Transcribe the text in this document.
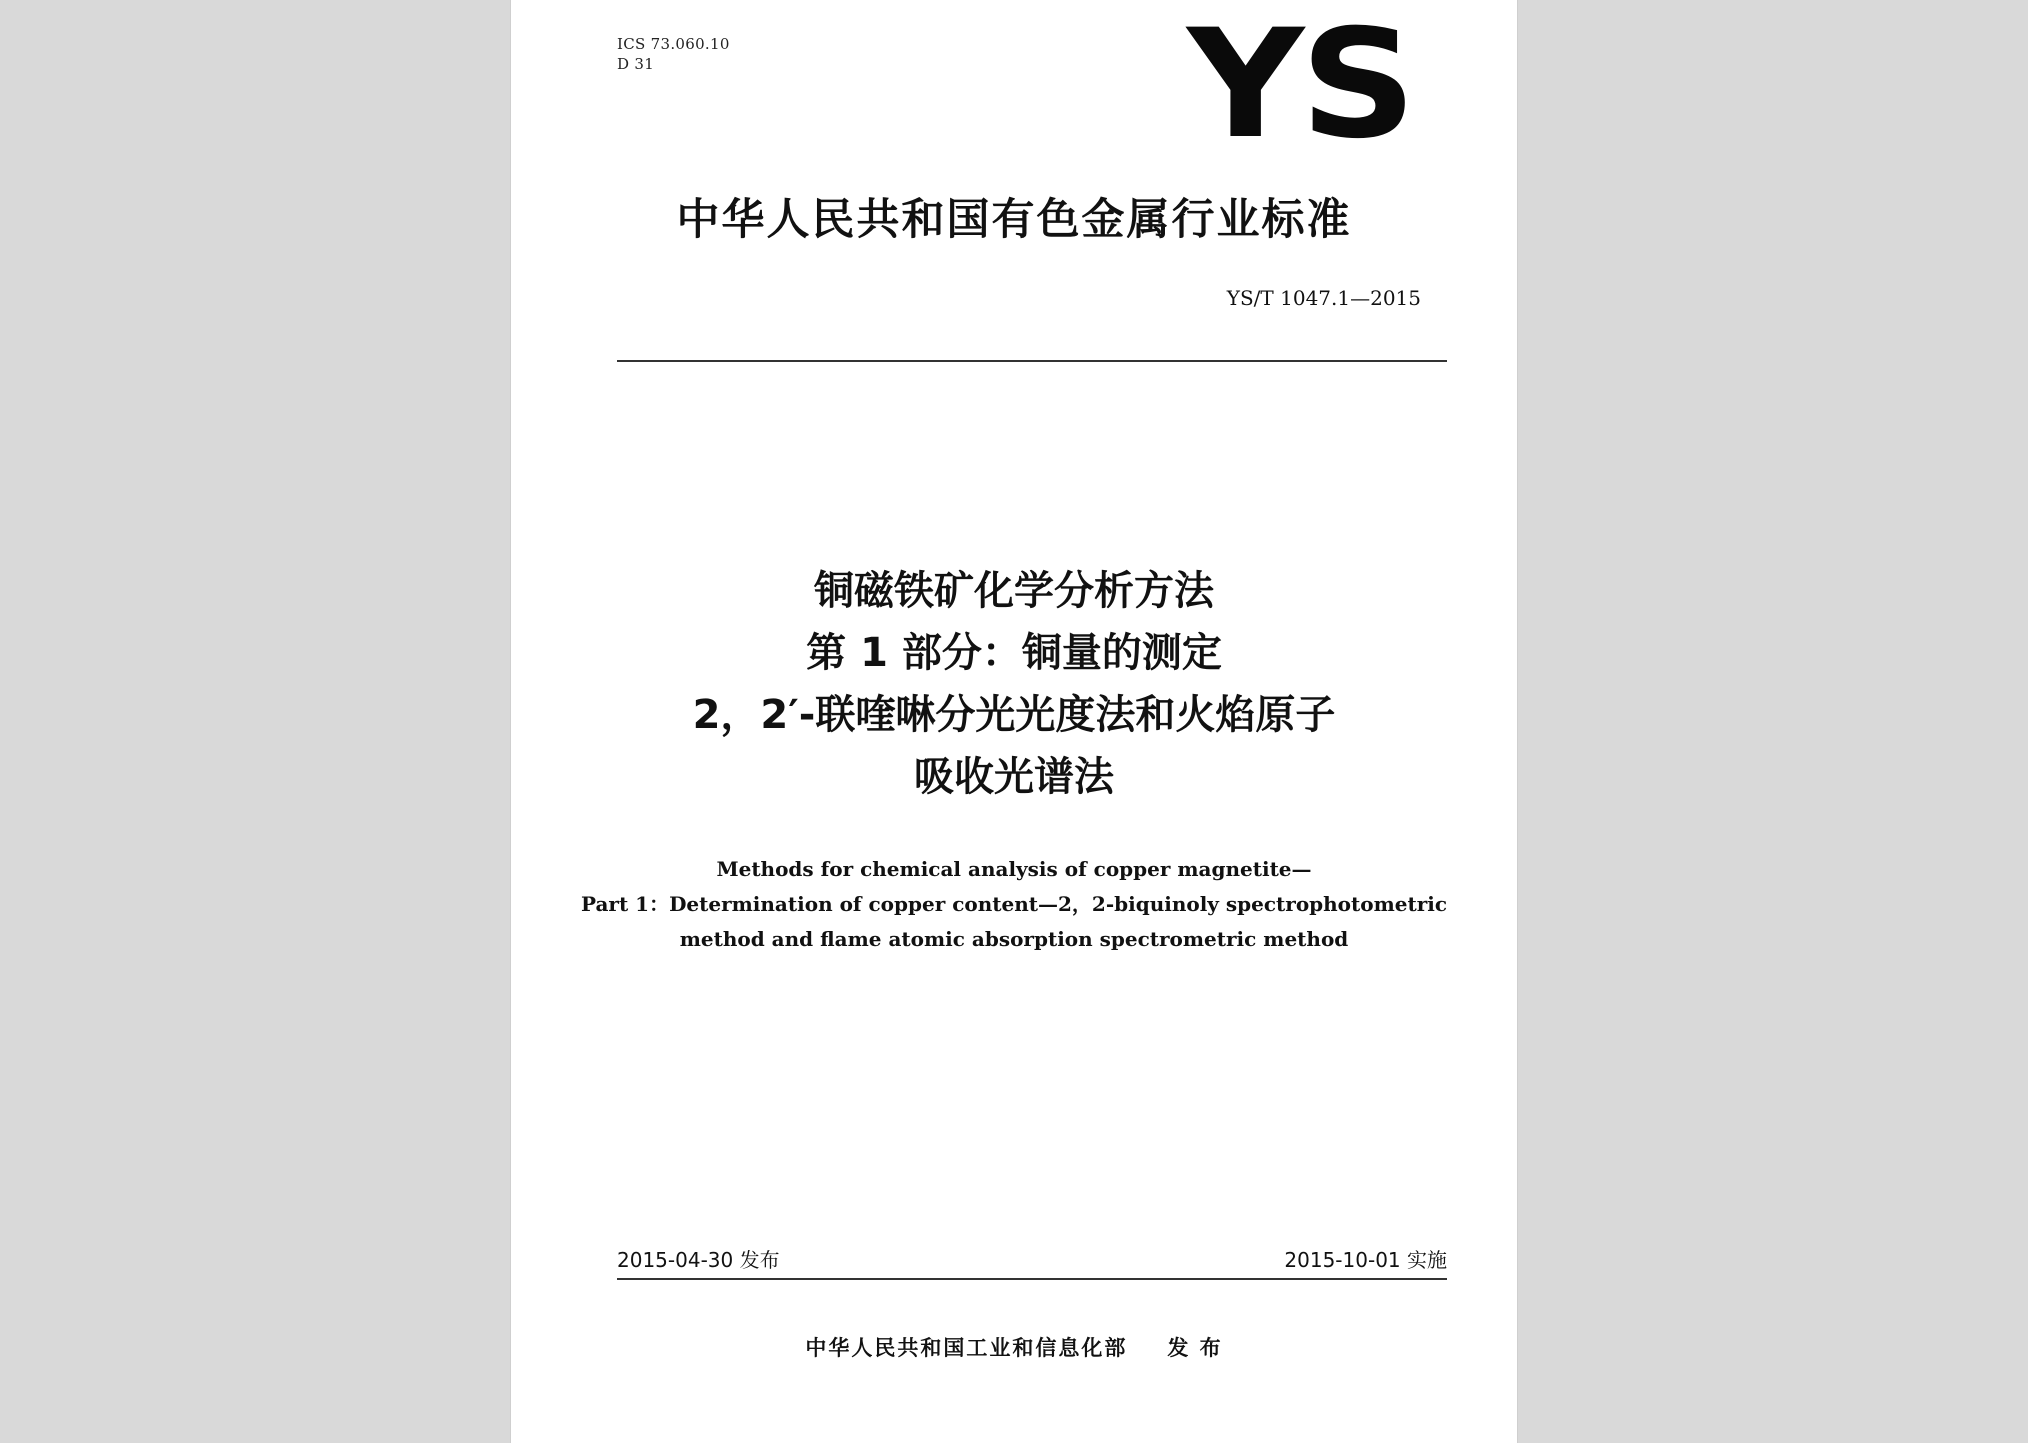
ICS 73.060.10
D 31	YS
中华人民共和国有色金属行业标准
YS/T 1047.1—2015
铜磁铁矿化学分析方法
第 1 部分：铜量的测定
2，2′-联喹啉分光光度法和火焰原子
吸收光谱法
Methods for chemical analysis of copper magnetite—
Part 1：Determination of copper content—2，2-biquinoly spectrophotometric
method and flame atomic absorption spectrometric method
2015-04-30 发布	2015-10-01 实施
中华人民共和国工业和信息化部 发 布
